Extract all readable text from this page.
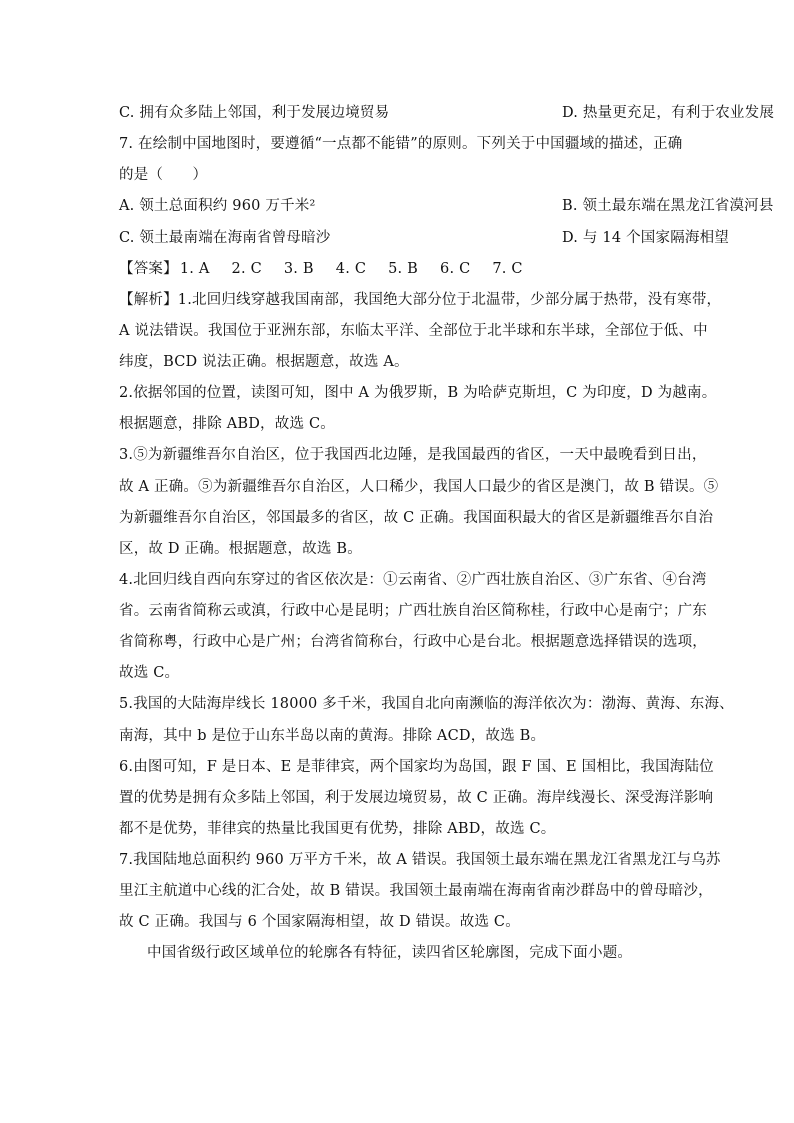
C. 拥有众多陆上邻国，利于发展边境贸易	D. 热量更充足，有利于农业发展
7. 在绘制中国地图时，要遵循“一点都不能错”的原则。下列关于中国疆域的描述，正确
的是（　　）
A. 领土总面积约 960 万千米²	B. 领土最东端在黑龙江省漠河县
C. 领土最南端在海南省曾母暗沙	D. 与 14 个国家隔海相望
【答案】 1. A 2. C 3. B 4. C 5. B 6. C 7. C
【解析】1.北回归线穿越我国南部，我国绝大部分位于北温带，少部分属于热带，没有寒带，
A 说法错误。我国位于亚洲东部，东临太平洋、全部位于北半球和东半球，全部位于低、中
纬度，BCD 说法正确。根据题意，故选 A。
2.依据邻国的位置，读图可知，图中 A 为俄罗斯，B 为哈萨克斯坦，C 为印度，D 为越南。
根据题意，排除 ABD，故选 C。
3.⑤为新疆维吾尔自治区，位于我国西北边陲，是我国最西的省区，一天中最晚看到日出，
故 A 正确。⑤为新疆维吾尔自治区，人口稀少，我国人口最少的省区是澳门，故 B 错误。⑤
为新疆维吾尔自治区，邻国最多的省区，故 C 正确。我国面积最大的省区是新疆维吾尔自治
区，故 D 正确。根据题意，故选 B。
4.北回归线自西向东穿过的省区依次是：①云南省、②广西壮族自治区、③广东省、④台湾
省。云南省简称云或滇，行政中心是昆明；广西壮族自治区简称桂，行政中心是南宁；广东
省简称粤，行政中心是广州；台湾省简称台，行政中心是台北。根据题意选择错误的选项，
故选 C。
5.我国的大陆海岸线长 18000 多千米，我国自北向南濒临的海洋依次为：渤海、黄海、东海、
南海，其中 b 是位于山东半岛以南的黄海。排除 ACD，故选 B。
6.由图可知，F 是日本、E 是菲律宾，两个国家均为岛国，跟 F 国、E 国相比，我国海陆位
置的优势是拥有众多陆上邻国，利于发展边境贸易，故 C 正确。海岸线漫长、深受海洋影响
都不是优势，菲律宾的热量比我国更有优势，排除 ABD，故选 C。
7.我国陆地总面积约 960 万平方千米，故 A 错误。我国领土最东端在黑龙江省黑龙江与乌苏
里江主航道中心线的汇合处，故 B 错误。我国领土最南端在海南省南沙群岛中的曾母暗沙，
故 C 正确。我国与 6 个国家隔海相望，故 D 错误。故选 C。
中国省级行政区域单位的轮廓各有特征，读四省区轮廓图，完成下面小题。
